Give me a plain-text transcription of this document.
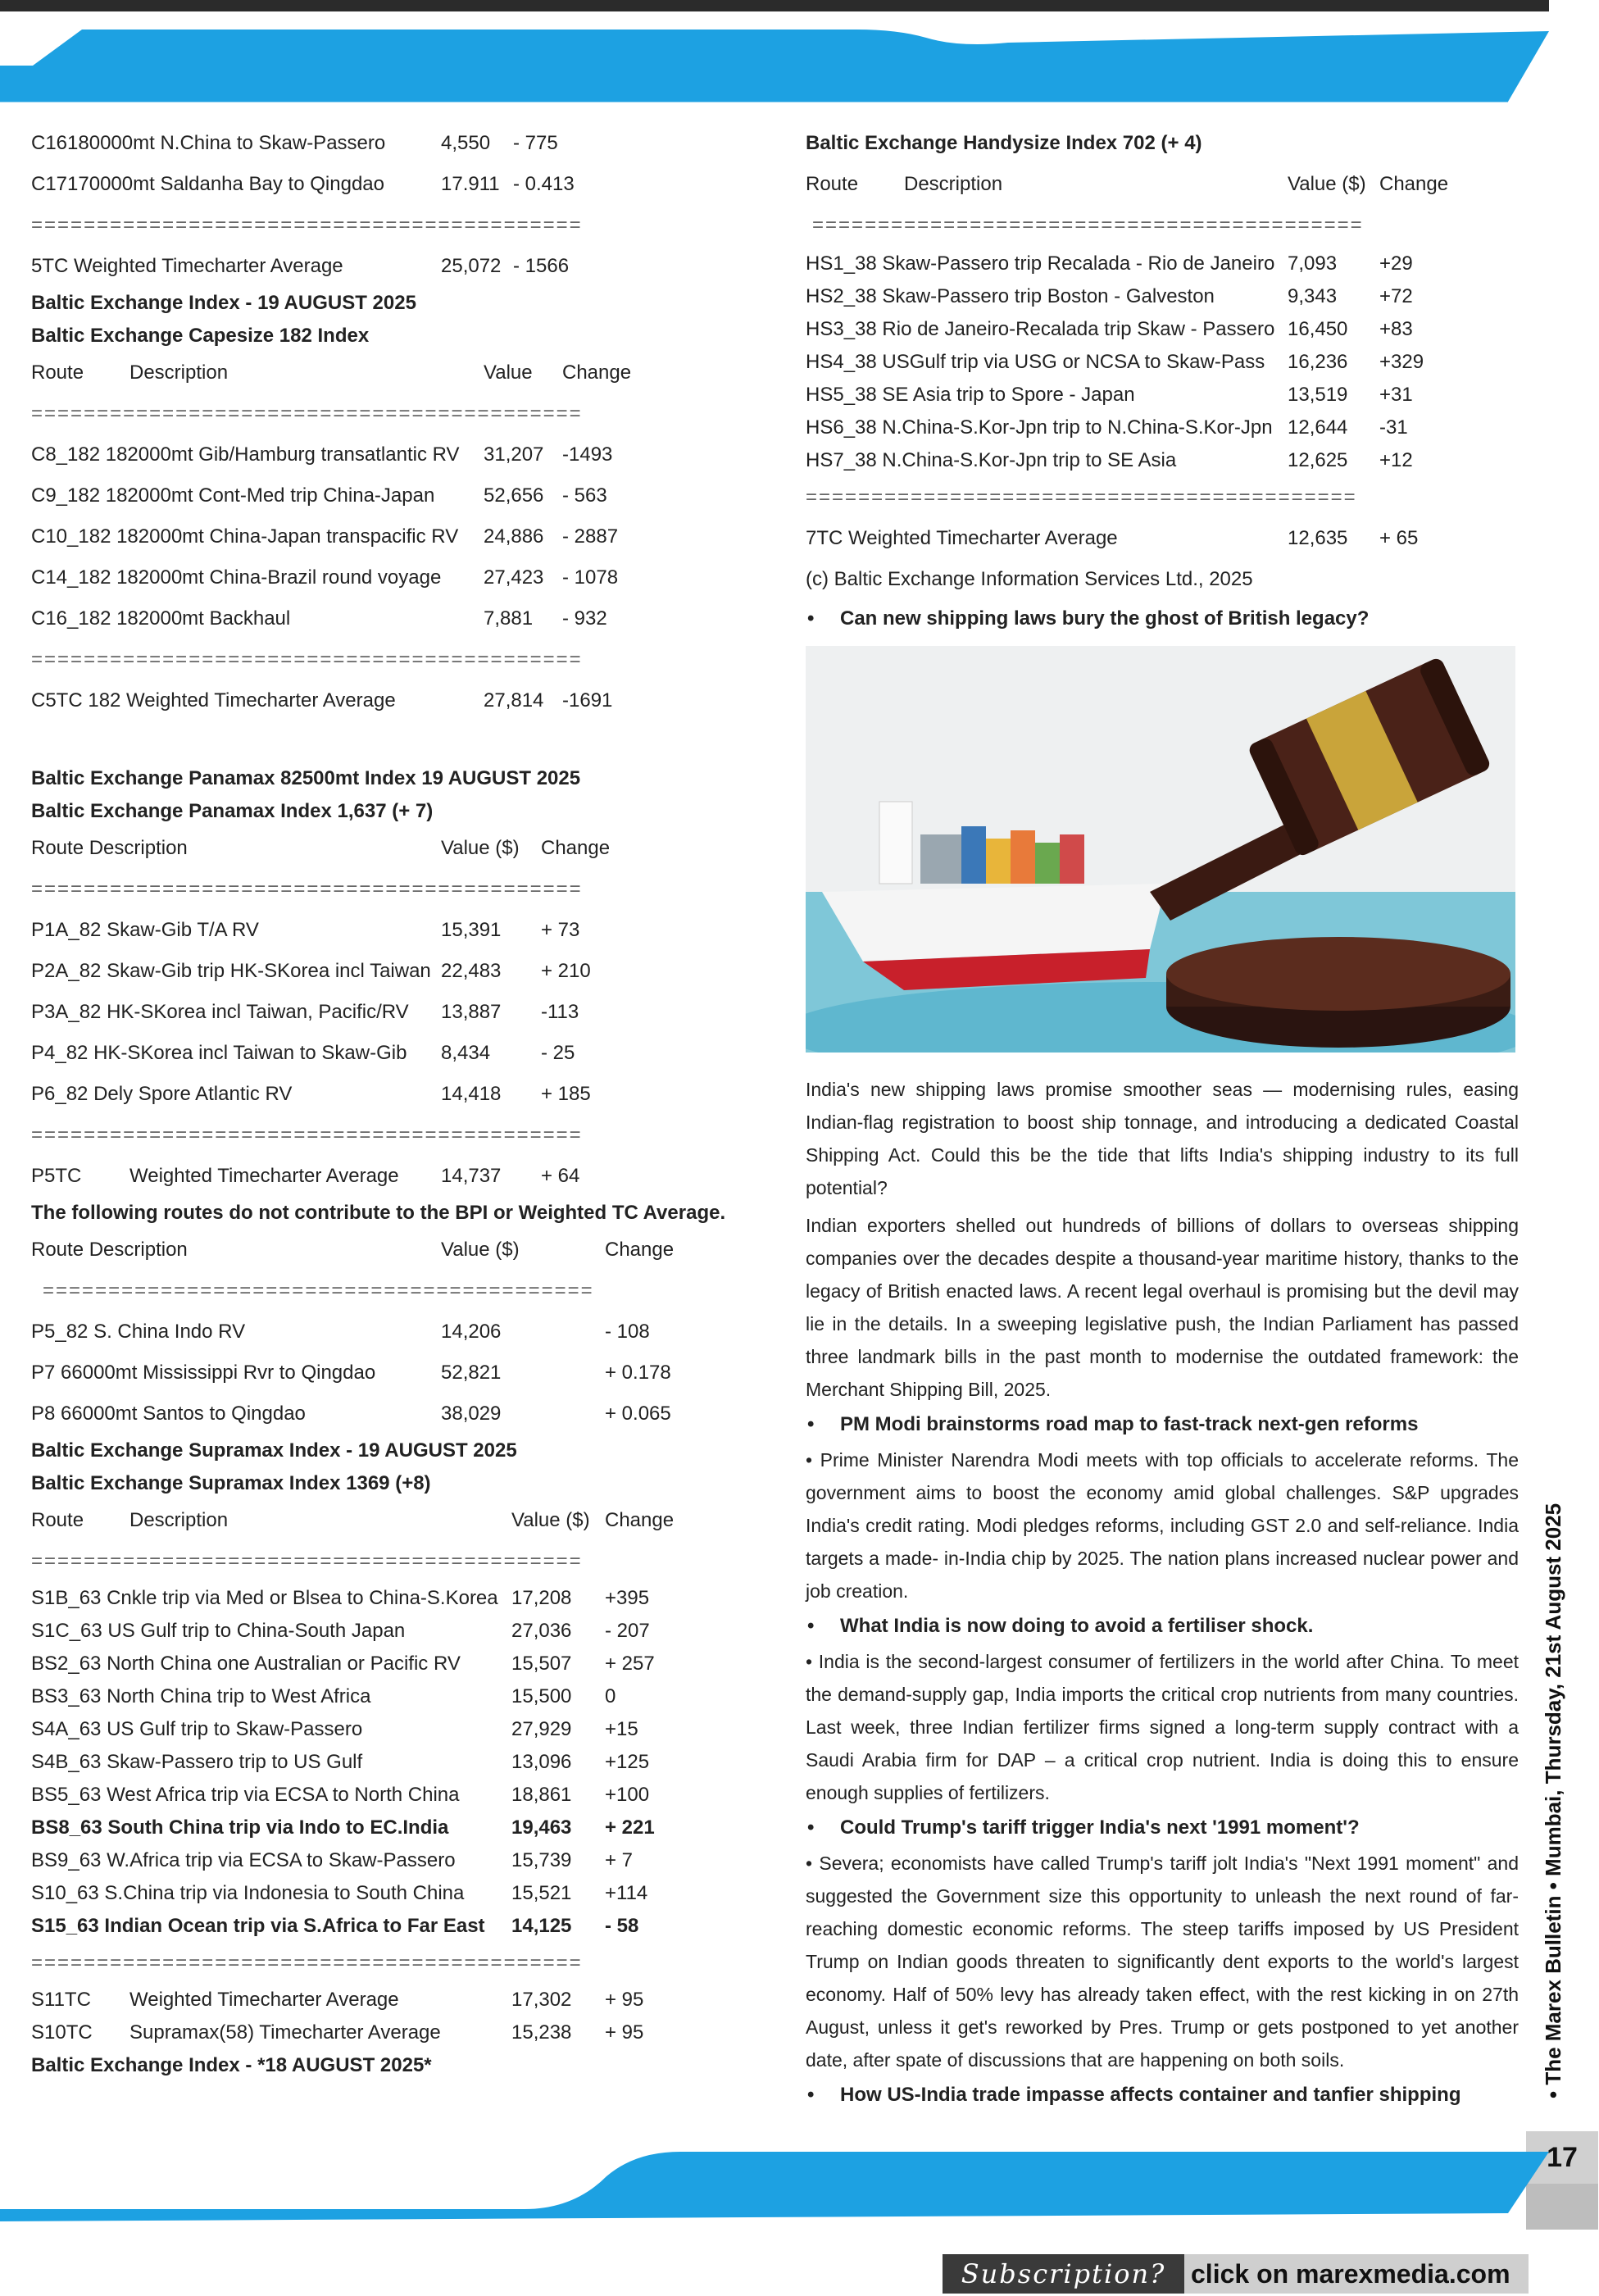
C16180000mt N.China to Skaw-Passero	4,550 - 775
C17170000mt Saldanha Bay to Qingdao	17.911 - 0.413
==========================================
5TC Weighted Timecharter Average	25,072 - 1566
Baltic Exchange Index - 19 AUGUST 2025
Baltic Exchange Capesize 182 Index
Route Description	Value Change
==========================================
C8_182 182000mt Gib/Hamburg transatlantic RV 31,207 -1493
C9_182 182000mt Cont-Med trip China-Japan 52,656 - 563
C10_182 182000mt China-Japan transpacific RV 24,886 - 2887
C14_182 182000mt China-Brazil round voyage 27,423 - 1078
C16_182 182000mt Backhaul	7,881 - 932
==========================================
C5TC 182 Weighted Timecharter Average	27,814 -1691
Baltic Exchange Panamax 82500mt Index 19 AUGUST 2025
Baltic Exchange Panamax Index 1,637 (+ 7)
Route Description	Value ($) Change
==========================================
P1A_82 Skaw-Gib T/A RV	15,391 + 73
P2A_82 Skaw-Gib trip HK-SKorea incl Taiwan 22,483 + 210
P3A_82 HK-SKorea incl Taiwan, Pacific/RV 13,887 -113
P4_82 HK-SKorea incl Taiwan to Skaw-Gib 8,434	- 25
P6_82 Dely Spore Atlantic RV	14,418 + 185
==========================================
P5TC Weighted Timecharter Average 14,737 + 64
The following routes do not contribute to the BPI or Weighted TC Average.
Route Description	Value ($)	Change
==========================================
P5_82 S. China Indo RV	14,206	- 108
P7 66000mt Mississippi Rvr to Qingdao	52,821	+ 0.178
P8 66000mt Santos to Qingdao	38,029	+ 0.065
Baltic Exchange Supramax Index - 19 AUGUST 2025
Baltic Exchange Supramax Index 1369 (+8)
Route Description	Value ($) Change
==========================================
S1B_63 Cnkle trip via Med or Blsea to China-S.Korea 17,208 +395
S1C_63 US Gulf trip to China-South Japan	27,036 - 207
BS2_63 North China one Australian or Pacific RV	15,507 + 257
BS3_63 North China trip to West Africa	15,500 0
S4A_63 US Gulf trip to Skaw-Passero	27,929 +15
S4B_63 Skaw-Passero trip to US Gulf	13,096 +125
BS5_63 West Africa trip via ECSA to North China	18,861 +100
BS8_63 South China trip via Indo to EC.India	19,463 + 221
BS9_63 W.Africa trip via ECSA to Skaw-Passero	15,739 + 7
S10_63 S.China trip via Indonesia to South China 15,521 +114
S15_63 Indian Ocean trip via S.Africa to Far East 14,125 - 58
==========================================
S11TC Weighted Timecharter Average	17,302 + 95
S10TC Supramax(58) Timecharter Average	15,238 + 95
Baltic Exchange Index - *18 AUGUST 2025*
Baltic Exchange Handysize Index 702 (+ 4)
Route Description	Value ($) Change
==========================================
HS1_38 Skaw-Passero trip Recalada - Rio de Janeiro 7,093 +29
HS2_38 Skaw-Passero trip Boston - Galveston	9,343 +72
HS3_38 Rio de Janeiro-Recalada trip Skaw - Passero 16,450 +83
HS4_38 USGulf trip via USG or NCSA to Skaw-Pass 16,236 +329
HS5_38 SE Asia trip to Spore - Japan	13,519 +31
HS6_38 N.China-S.Kor-Jpn trip to N.China-S.Kor-Jpn 12,644 -31
HS7_38 N.China-S.Kor-Jpn trip to SE Asia	12,625 +12
==========================================
7TC Weighted Timecharter Average	12,635 + 65
(c) Baltic Exchange Information Services Ltd., 2025
• Can new shipping laws bury the ghost of British legacy?
India's new shipping laws promise smoother seas — modernising rules, easing Indian-flag registration to boost ship tonnage, and introducing a dedicated Coastal Shipping Act. Could this be the tide that lifts India's shipping industry to its full potential?
Indian exporters shelled out hundreds of billions of dollars to overseas shipping companies over the decades despite a thousand-year maritime history, thanks to the legacy of British enacted laws. A recent legal overhaul is promising but the devil may lie in the details. In a sweeping legislative push, the Indian Parliament has passed three landmark bills in the past month to modernise the outdated framework: the Merchant Shipping Bill, 2025.
• PM Modi brainstorms road map to fast-track next-gen reforms
• Prime Minister Narendra Modi meets with top officials to accelerate reforms. The government aims to boost the economy amid global challenges. S&P upgrades India's credit rating. Modi pledges reforms, including GST 2.0 and self-reliance. India targets a made- in-India chip by 2025. The nation plans increased nuclear power and job creation.
• What India is now doing to avoid a fertiliser shock.
• India is the second-largest consumer of fertilizers in the world after China. To meet the demand-supply gap, India imports the critical crop nutrients from many countries. Last week, three Indian fertilizer firms signed a long-term supply contract with a Saudi Arabia firm for DAP – a critical crop nutrient. India is doing this to ensure enough supplies of fertilizers.
• Could Trump's tariff trigger India's next '1991 moment'?
• Severa; economists have called Trump's tariff jolt India's "Next 1991 moment" and suggested the Government size this opportunity to unleash the next round of far-reaching domestic economic reforms. The steep tariffs imposed by US President Trump on Indian goods threaten to significantly dent exports to the world's largest economy. Half of 50% levy has already taken effect, with the rest kicking in on 27th August, unless it get's reworked by Pres. Trump or gets postponed to yet another date, after spate of discussions that are happening on both soils.
• How US-India trade impasse affects container and tanfier shipping	• The Marex Bulletin • Mumbai, Thursday, 21st August 2025
17
Subscription? click on marexmedia.com
